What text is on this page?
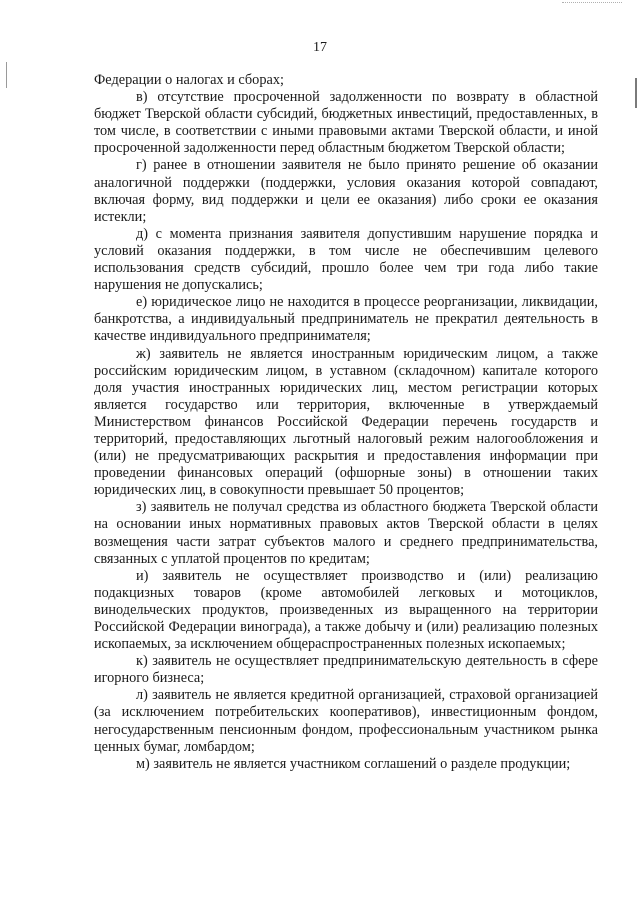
17

Федерации о налогах и сборах;

в) отсутствие просроченной задолженности по возврату в областной бюджет Тверской области субсидий, бюджетных инвестиций, предоставленных, в том числе, в соответствии с иными правовыми актами Тверской области, и иной просроченной задолженности перед областным бюджетом Тверской области;

г) ранее в отношении заявителя не было принято решение об оказании аналогичной поддержки (поддержки, условия оказания которой совпадают, включая форму, вид поддержки и цели ее оказания) либо сроки ее оказания истекли;

д) с момента признания заявителя допустившим нарушение порядка и условий оказания поддержки, в том числе не обеспечившим целевого использования средств субсидий, прошло более чем три года либо такие нарушения не допускались;

е) юридическое лицо не находится в процессе реорганизации, ликвидации, банкротства, а индивидуальный предприниматель не прекратил деятельность в качестве индивидуального предпринимателя;

ж) заявитель не является иностранным юридическим лицом, а также российским юридическим лицом, в уставном (складочном) капитале которого доля участия иностранных юридических лиц, местом регистрации которых является государство или территория, включенные в утверждаемый Министерством финансов Российской Федерации перечень государств и территорий, предоставляющих льготный налоговый режим налогообложения и (или) не предусматривающих раскрытия и предоставления информации при проведении финансовых операций (офшорные зоны) в отношении таких юридических лиц, в совокупности превышает 50 процентов;

з) заявитель не получал средства из областного бюджета Тверской области на основании иных нормативных правовых актов Тверской области в целях возмещения части затрат субъектов малого и среднего предпринимательства, связанных с уплатой процентов по кредитам;

и) заявитель не осуществляет производство и (или) реализацию подакцизных товаров (кроме автомобилей легковых и мотоциклов, винодельческих продуктов, произведенных из выращенного на территории Российской Федерации винограда), а также добычу и (или) реализацию полезных ископаемых, за исключением общераспространенных полезных ископаемых;

к) заявитель не осуществляет предпринимательскую деятельность в сфере игорного бизнеса;

л) заявитель не является кредитной организацией, страховой организацией (за исключением потребительских кооперативов), инвестиционным фондом, негосударственным пенсионным фондом, профессиональным участником рынка ценных бумаг, ломбардом;

м) заявитель не является участником соглашений о разделе продукции;
